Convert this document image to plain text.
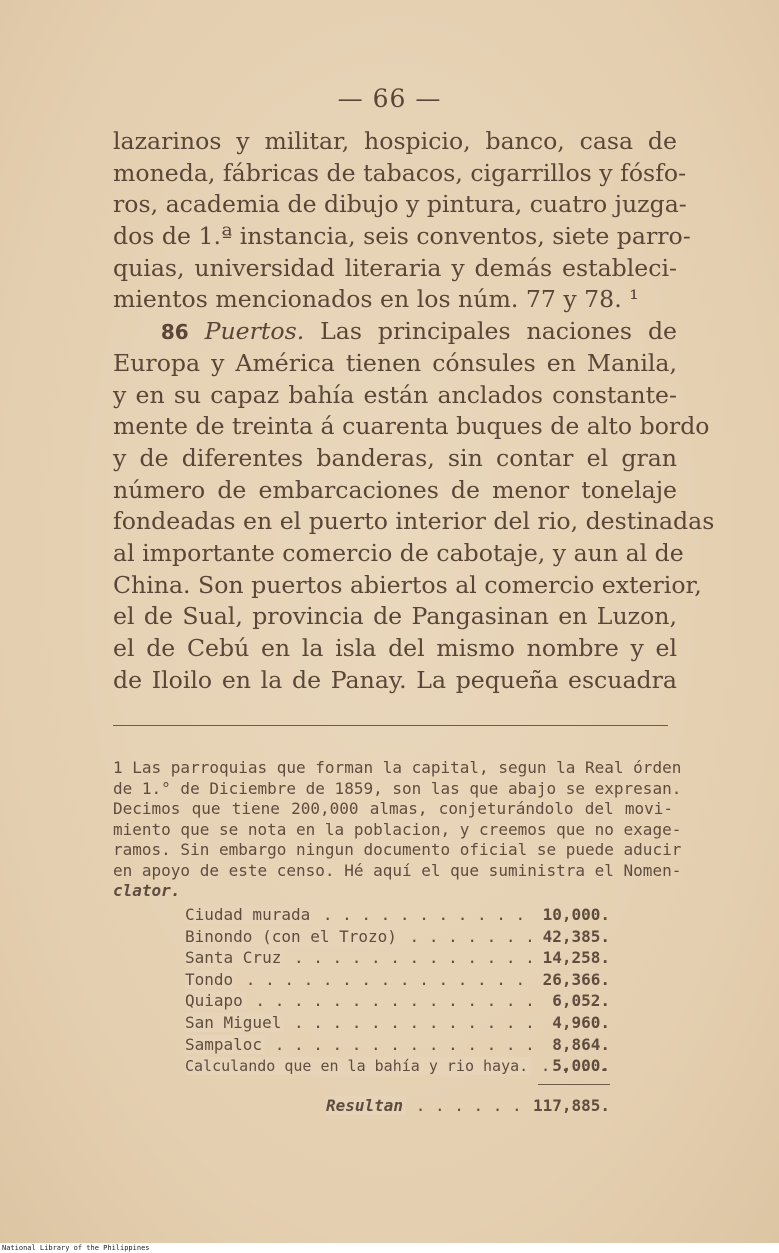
— 66 —
lazarinos y militar, hospicio, banco, casa de
moneda, fábricas de tabacos, cigarrillos y fósfo-
ros, academia de dibujo y pintura, cuatro juzga-
dos de 1.ª instancia, seis conventos, siete parro-
quias, universidad literaria y demás estableci-
mientos mencionados en los núm. 77 y 78. ¹
86 Puertos. Las principales naciones de
Europa y América tienen cónsules en Manila,
y en su capaz bahía están anclados constante-
mente de treinta á cuarenta buques de alto bordo
y de diferentes banderas, sin contar el gran
número de embarcaciones de menor tonelaje
fondeadas en el puerto interior del rio, destinadas
al importante comercio de cabotaje, y aun al de
China. Son puertos abiertos al comercio exterior,
el de Sual, provincia de Pangasinan en Luzon,
el de Cebú en la isla del mismo nombre y el
de Iloilo en la de Panay. La pequeña escuadra
1 Las parroquias que forman la capital, segun la Real órden
de 1.° de Diciembre de 1859, son las que abajo se expresan.
Decimos que tiene 200,000 almas, conjeturándolo del movi-
miento que se nota en la poblacion, y creemos que no exage-
ramos. Sin embargo ningun documento oficial se puede aducir
en apoyo de este censo. Hé aquí el que suministra el Nomen-
clator.
Ciudad murada . . .	10,000.
Binondo (con el Trozo) . . .	42,385.
Santa Cruz . . .	14,258.
Tondo . . .	26,366.
Quiapo . . .	6,052.
San Miguel . . .	4,960.
Sampaloc . . .	8,864.
Calculando que en la bahía y rio haya. . . .	5,000.
Resultan . . .	117,885.
National Library of the Philippines
